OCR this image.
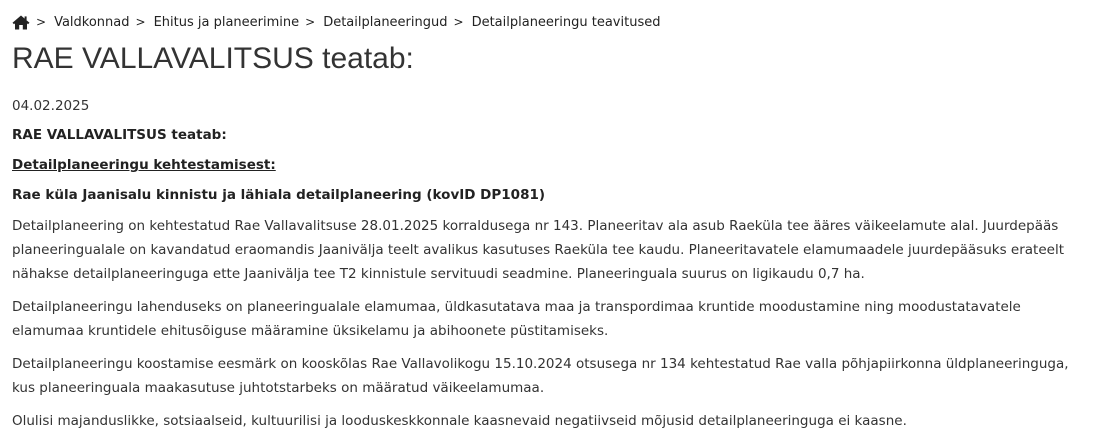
> Valdkonnad > Ehitus ja planeerimine > Detailplaneeringud > Detailplaneeringu teavitused
RAE VALLAVALITSUS teatab:
04.02.2025
RAE VALLAVALITSUS teatab:
Detailplaneeringu kehtestamisest:
Rae küla Jaanisalu kinnistu ja lähiala detailplaneering (kovID DP1081)

Detailplaneering on kehtestatud Rae Vallavalitsuse 28.01.2025 korraldusega nr 143. Planeeritav ala asub Raeküla tee ääres väikeelamute alal. Juurdepääs planeeringualale on kavandatud eraomandis Jaanivälja teelt avalikus kasutuses Raeküla tee kaudu. Planeeritavatele elamumaadele juurdepääsuks erateelt nähakse detailplaneeringuga ette Jaanivälja tee T2 kinnistule servituudi seadmine. Planeeringuala suurus on ligikaudu 0,7 ha.

Detailplaneeringu lahenduseks on planeeringualale elamumaa, üldkasutatava maa ja transpordimaa kruntide moodustamine ning moodustatavatele elamumaa kruntidele ehitusõiguse määramine üksikelamu ja abihoonete püstitamiseks.

Detailplaneeringu koostamise eesmärk on kooskõlas Rae Vallavolikogu 15.10.2024 otsusega nr 134 kehtestatud Rae valla põhjapiirkonna üldplaneeringuga, kus planeeringuala maakasutuse juhtotstarbeks on määratud väikeelamumaa.

Olulisi majanduslikke, sotsiaalseid, kultuurilisi ja looduskeskkonnale kaasnevaid negatiivseid mõjusid detailplaneeringuga ei kaasne.
